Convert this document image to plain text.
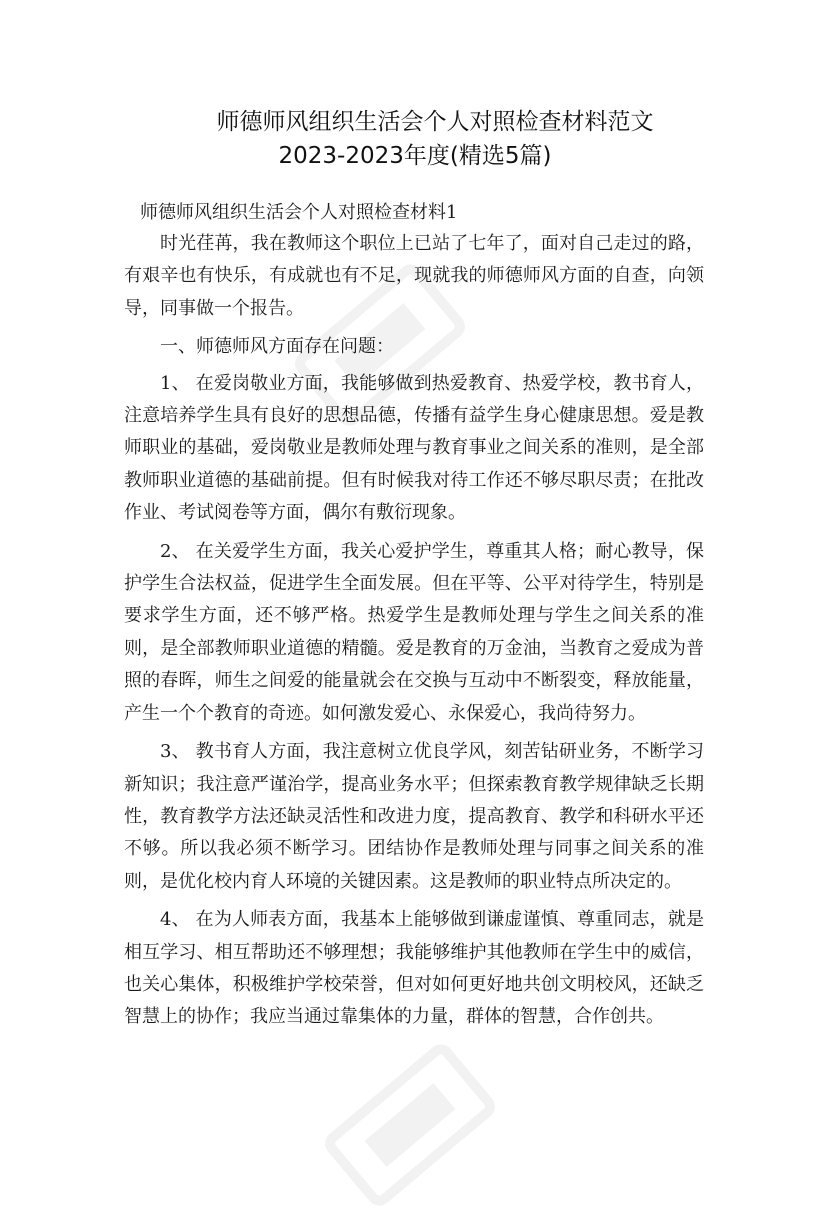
师德师风组织生活会个人对照检查材料范文
2023-2023年度(精选5篇)
师德师风组织生活会个人对照检查材料1

时光荏苒，我在教师这个职位上已站了七年了，面对自己走过的路，有艰辛也有快乐，有成就也有不足，现就我的师德师风方面的自查，向领导，同事做一个报告。

一、师德师风方面存在问题：

1、 在爱岗敬业方面，我能够做到热爱教育、热爱学校，教书育人，注意培养学生具有良好的思想品德，传播有益学生身心健康思想。爱是教师职业的基础，爱岗敬业是教师处理与教育事业之间关系的准则，是全部教师职业道德的基础前提。但有时候我对待工作还不够尽职尽责；在批改作业、考试阅卷等方面，偶尔有敷衍现象。

2、 在关爱学生方面，我关心爱护学生，尊重其人格；耐心教导，保护学生合法权益，促进学生全面发展。但在平等、公平对待学生，特别是要求学生方面，还不够严格。热爱学生是教师处理与学生之间关系的准则，是全部教师职业道德的精髓。爱是教育的万金油，当教育之爱成为普照的春晖，师生之间爱的能量就会在交换与互动中不断裂变，释放能量，产生一个个教育的奇迹。如何激发爱心、永保爱心，我尚待努力。

3、 教书育人方面，我注意树立优良学风，刻苦钻研业务，不断学习新知识；我注意严谨治学，提高业务水平；但探索教育教学规律缺乏长期性，教育教学方法还缺灵活性和改进力度，提高教育、教学和科研水平还不够。所以我必须不断学习。团结协作是教师处理与同事之间关系的准则，是优化校内育人环境的关键因素。这是教师的职业特点所决定的。

4、 在为人师表方面，我基本上能够做到谦虚谨慎、尊重同志，就是相互学习、相互帮助还不够理想；我能够维护其他教师在学生中的威信，也关心集体，积极维护学校荣誉，但对如何更好地共创文明校风，还缺乏智慧上的协作；我应当通过靠集体的力量，群体的智慧，合作创共。
